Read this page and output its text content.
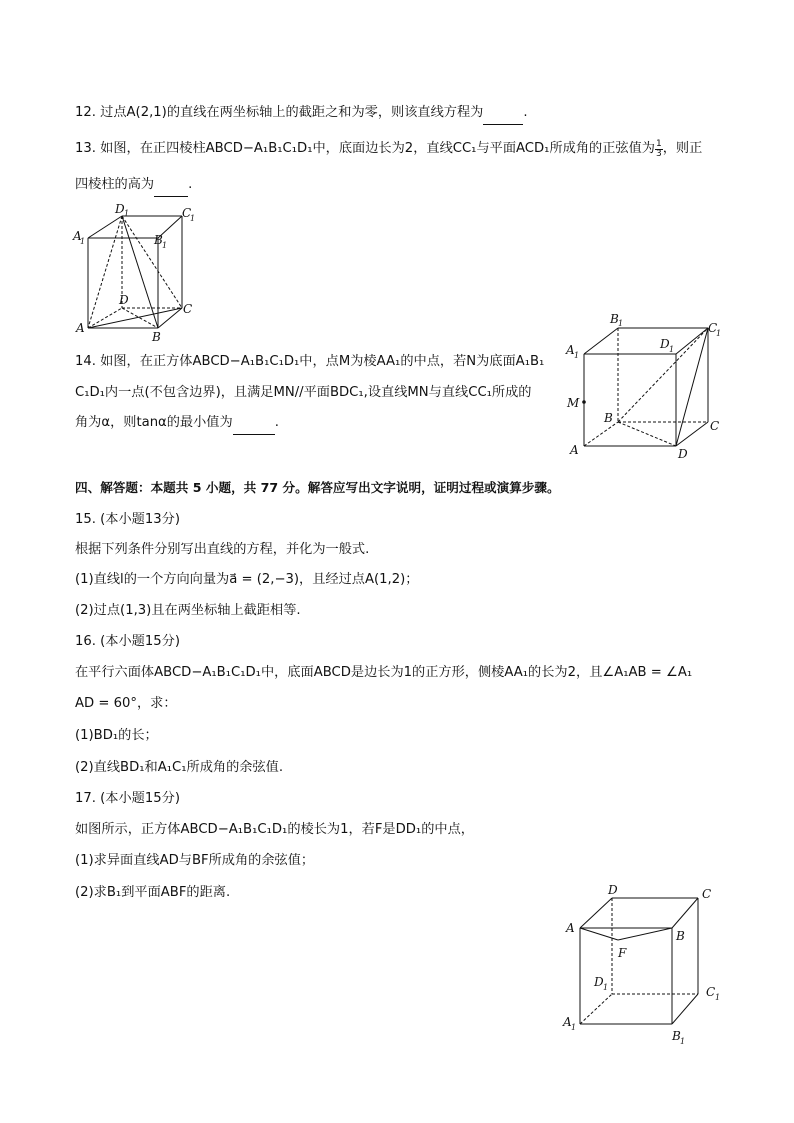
12. 过点A(2,1)的直线在两坐标轴上的截距之和为零，则该直线方程为	.
13. 如图，在正四棱柱ABCD−A₁B₁C₁D₁中，底面边长为2，直线CC₁与平面ACD₁所成角的正弦值为 $\frac{1}{3}$ ，则正
四棱柱的高为	.
D 1	C
1
A
1	B 1
D
C
A
B
14. 如图，在正方体ABCD−A₁B₁C₁D₁中，点M为棱AA₁的中点，若N为底面A₁B₁
C₁D₁内一点(不包含边界)，且满足MN//平面BDC₁,设直线MN与直线CC₁所成的
角为α，则tanα的最小值为	.
B 1	C
1
A 1
D 1
M
B
C
A	D
四、解答题：本题共 5 小题，共 77 分。解答应写出文字说明，证明过程或演算步骤。
15. (本小题13分)
根据下列条件分别写出直线的方程，并化为一般式.
(1)直线l的一个方向向量为a⃗ = (2,−3)，且经过点A(1,2)；
(2)过点(1,3)且在两坐标轴上截距相等.
16. (本小题15分)
在平行六面体ABCD−A₁B₁C₁D₁中，底面ABCD是边长为1的正方形，侧棱AA₁的长为2，且∠A₁AB = ∠A₁
AD = 60°，求：
(1)BD₁的长；
(2)直线BD₁和A₁C₁所成角的余弦值.
17. (本小题15分)
如图所示，正方体ABCD−A₁B₁C₁D₁的棱长为1，若F是DD₁的中点，
(1)求异面直线AD与BF所成角的余弦值；
(2)求B₁到平面ABF的距离.	D	C
A
B
F
D 1	C 1
A 1
B 1
